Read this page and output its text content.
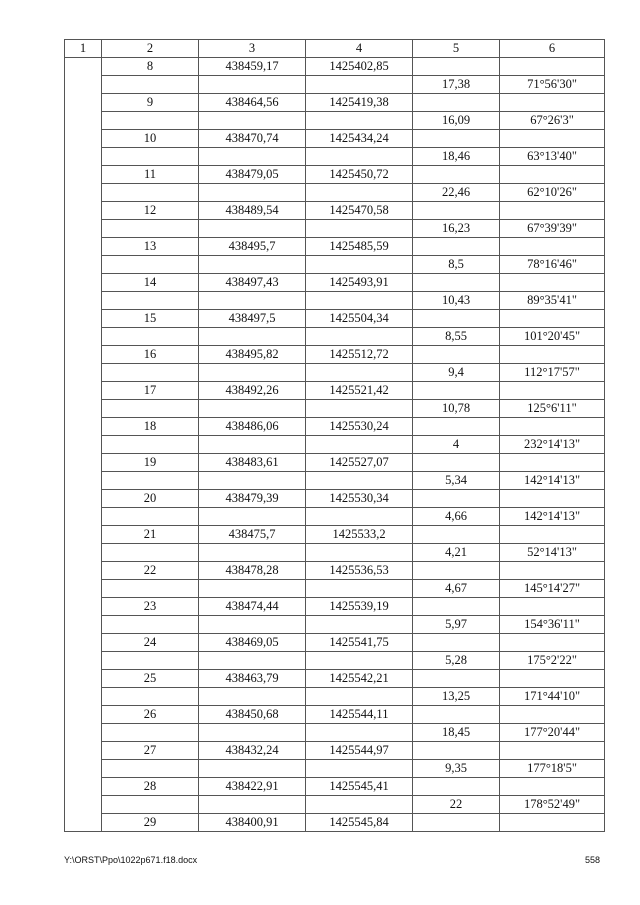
1	2	3	4	5	6
	8	438459,17	1425402,85		
				17,38	71°56'30"
	9	438464,56	1425419,38		
				16,09	67°26'3"
	10	438470,74	1425434,24		
				18,46	63°13'40"
	11	438479,05	1425450,72		
				22,46	62°10'26"
	12	438489,54	1425470,58		
				16,23	67°39'39"
	13	438495,7	1425485,59		
				8,5	78°16'46"
	14	438497,43	1425493,91		
				10,43	89°35'41"
	15	438497,5	1425504,34		
				8,55	101°20'45"
	16	438495,82	1425512,72		
				9,4	112°17'57"
	17	438492,26	1425521,42		
				10,78	125°6'11"
	18	438486,06	1425530,24		
				4	232°14'13"
	19	438483,61	1425527,07		
				5,34	142°14'13"
	20	438479,39	1425530,34		
				4,66	142°14'13"
	21	438475,7	1425533,2		
				4,21	52°14'13"
	22	438478,28	1425536,53		
				4,67	145°14'27"
	23	438474,44	1425539,19		
				5,97	154°36'11"
	24	438469,05	1425541,75		
				5,28	175°2'22"
	25	438463,79	1425542,21		
				13,25	171°44'10"
	26	438450,68	1425544,11		
				18,45	177°20'44"
	27	438432,24	1425544,97		
				9,35	177°18'5"
	28	438422,91	1425545,41		
				22	178°52'49"
	29	438400,91	1425545,84		
Y:\ORST\Ppo\1022p671.f18.docx	558
